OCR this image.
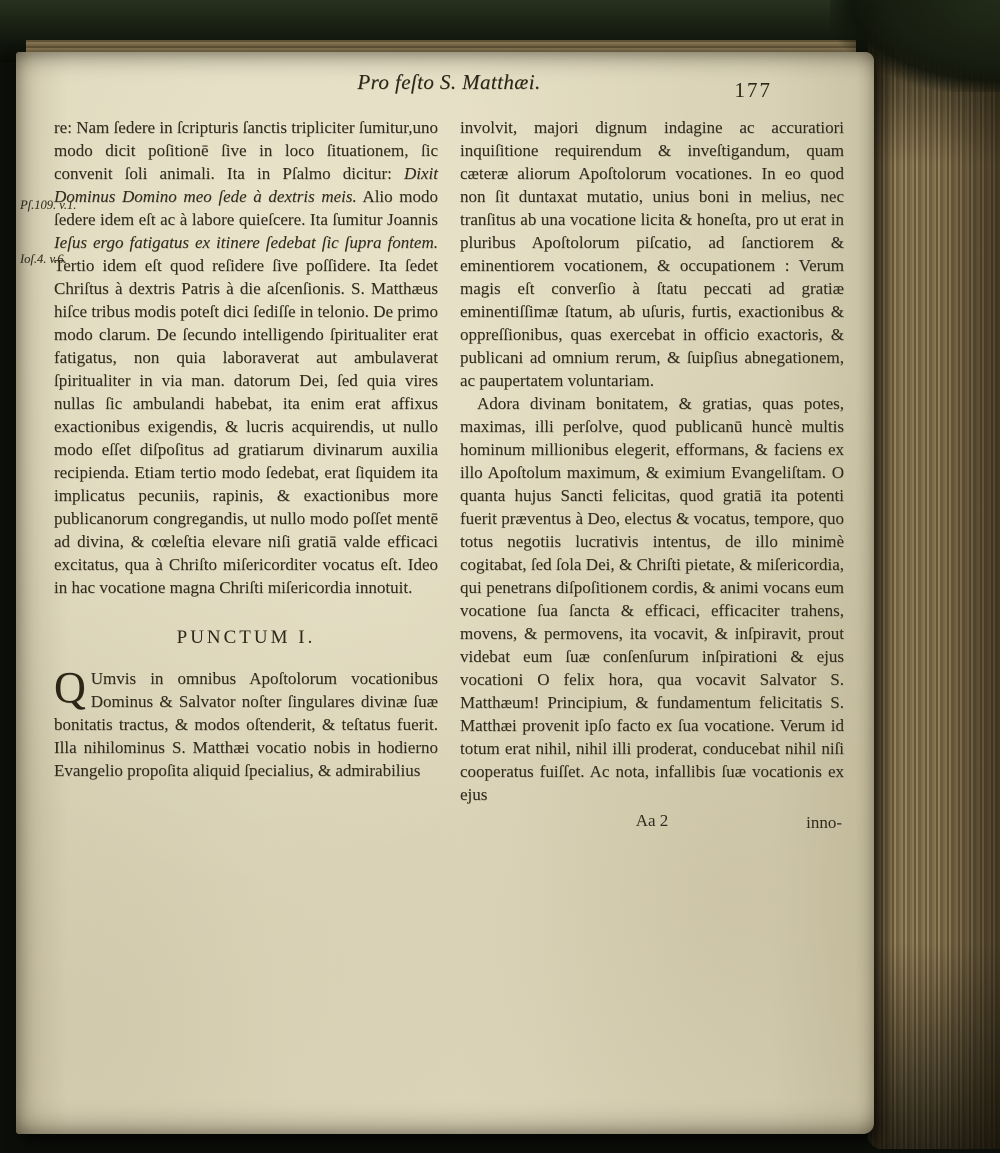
Pro feſto S. Matthæi.	177
Pſ.109. v.1.
Ioſ.4. v.6.

re: Nam ſedere in ſcripturis ſanctis tripliciter ſumitur,uno modo dicit poſitionē ſive in loco ſituationem, ſic convenit ſoli animali. Ita in Pſalmo dicitur: Dixit Dominus Domino meo ſede à dextris meis. Alio modo ſedere idem eſt ac à labore quieſcere. Ita ſumitur Joannis Ieſus ergo fatigatus ex itinere ſedebat ſic ſupra fontem. Tertio idem eſt quod reſidere ſive poſſidere. Ita ſedet Chriſtus à dextris Patris à die aſcenſionis. S. Matthæus hiſce tribus modis poteſt dici ſediſſe in telonio. De primo modo clarum. De ſecundo intelligendo ſpiritualiter erat fatigatus, non quia laboraverat aut ambulaverat ſpiritualiter in via man. datorum Dei, ſed quia vires nullas ſic ambulandi habebat, ita enim erat affixus exactionibus exigendis, & lucris acquirendis, ut nullo modo eſſet diſpoſitus ad gratiarum divinarum auxilia recipienda. Etiam tertio modo ſedebat, erat ſiquidem ita implicatus pecuniis, rapinis, & exactionibus more publicanorum congregandis, ut nullo modo poſſet mentē ad divina, & cœleſtia elevare niſi gratiā valde efficaci excitatus, qua à Chriſto miſericorditer vocatus eſt. Ideo in hac vocatione magna Chriſti miſericordia innotuit.

PUNCTUM I.

Q Umvis in omnibus Apoſtolorum vocationibus Dominus & Salvator noſter ſingulares divinæ ſuæ bonitatis tractus, & modos oſtenderit, & teſtatus fuerit. Illa nihilominus S. Matthæi vocatio nobis in hodierno Evangelio propoſita aliquid ſpecialius, & admirabilius

involvit, majori dignum indagine ac accuratiori inquiſitione requirendum & inveſtigandum, quam cæteræ aliorum Apoſtolorum vocationes. In eo quod non ſit duntaxat mutatio, unius boni in melius, nec tranſitus ab una vocatione licita & honeſta, pro ut erat in pluribus Apoſtolorum piſcatio, ad ſanctiorem & eminentiorem vocationem, & occupationem : Verum magis eſt converſio à ſtatu peccati ad gratiæ eminentiſſimæ ſtatum, ab uſuris, furtis, exactionibus & oppreſſionibus, quas exercebat in officio exactoris, & publicani ad omnium rerum, & ſuipſius abnegationem, ac paupertatem voluntariam.

Adora divinam bonitatem, & gratias, quas potes, maximas, illi perſolve, quod publicanū huncè multis hominum millionibus elegerit, efformans, & faciens ex illo Apoſtolum maximum, & eximium Evangeliſtam. O quanta hujus Sancti felicitas, quod gratiā ita potenti fuerit præventus à Deo, electus & vocatus, tempore, quo totus negotiis lucrativis intentus, de illo minimè cogitabat, ſed ſola Dei, & Chriſti pietate, & miſericordia, qui penetrans diſpoſitionem cordis, & animi vocans eum vocatione ſua ſancta & efficaci, efficaciter trahens, movens, & permovens, ita vocavit, & inſpiravit, prout videbat eum ſuæ conſenſurum inſpirationi & ejus vocationi O felix hora, qua vocavit Salvator S. Matthæum! Principium, & fundamentum felicitatis S. Matthæi provenit ipſo facto ex ſua vocatione. Verum id totum erat nihil, nihil illi proderat, conducebat nihil niſi cooperatus fuiſſet. Ac nota, infallibis ſuæ vocationis ex ejus

Aa 2	inno-
